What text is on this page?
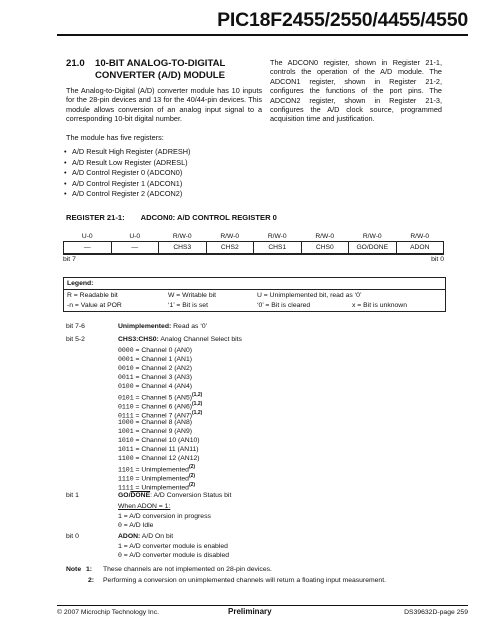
PIC18F2455/2550/4455/4550
21.0 10-BIT ANALOG-TO-DIGITAL CONVERTER (A/D) MODULE
The Analog-to-Digital (A/D) converter module has 10 inputs for the 28-pin devices and 13 for the 40/44-pin devices. This module allows conversion of an analog input signal to a corresponding 10-bit digital number.
The module has five registers:
• A/D Result High Register (ADRESH)
• A/D Result Low Register (ADRESL)
• A/D Control Register 0 (ADCON0)
• A/D Control Register 1 (ADCON1)
• A/D Control Register 2 (ADCON2)
The ADCON0 register, shown in Register 21-1, controls the operation of the A/D module. The ADCON1 register, shown in Register 21-2, configures the functions of the port pins. The ADCON2 register, shown in Register 21-3, configures the A/D clock source, programmed acquisition time and justification.
REGISTER 21-1: ADCON0: A/D CONTROL REGISTER 0
U-0	U-0	R/W-0	R/W-0	R/W-0	R/W-0	R/W-0	R/W-0
—	—	CHS3	CHS2	CHS1	CHS0	GO/DONE	ADON
bit 7	bit 0
Legend:
R = Readable bit	W = Writable bit	U = Unimplemented bit, read as ‘0’
-n = Value at POR	‘1’ = Bit is set	‘0’ = Bit is cleared	x = Bit is unknown
bit 7-6	Unimplemented: Read as ‘0’
bit 5-2	CHS3:CHS0: Analog Channel Select bits
0000 = Channel 0 (AN0)
0001 = Channel 1 (AN1)
0010 = Channel 2 (AN2)
0011 = Channel 3 (AN3)
0100 = Channel 4 (AN4)
0101 = Channel 5 $(AN5)^{(1,2)}$
0110 = Channel 6 $(AN6)^{(1,2)}$
0111 = Channel 7 $(AN7)^{(1,2)}$
1000 = Channel 8 (AN8)
1001 = Channel 9 (AN9)
1010 = Channel 10 (AN10)
1011 = Channel 11 (AN11)
1100 = Channel 12 (AN12)
1101 = Unimplemented$^{(2)}$
1110 = Unimplemented$^{(2)}$
1111 = Unimplemented$^{(2)}$
bit 1	GO/DONE: A/D Conversion Status bit
When ADON = 1:
1 = A/D conversion in progress
0 = A/D Idle
bit 0	ADON: A/D On bit
1 = A/D converter module is enabled
0 = A/D converter module is disabled
Note 1: These channels are not implemented on 28-pin devices.
2: Performing a conversion on unimplemented channels will return a floating input measurement.
© 2007 Microchip Technology Inc.	Preliminary	DS39632D-page 259
